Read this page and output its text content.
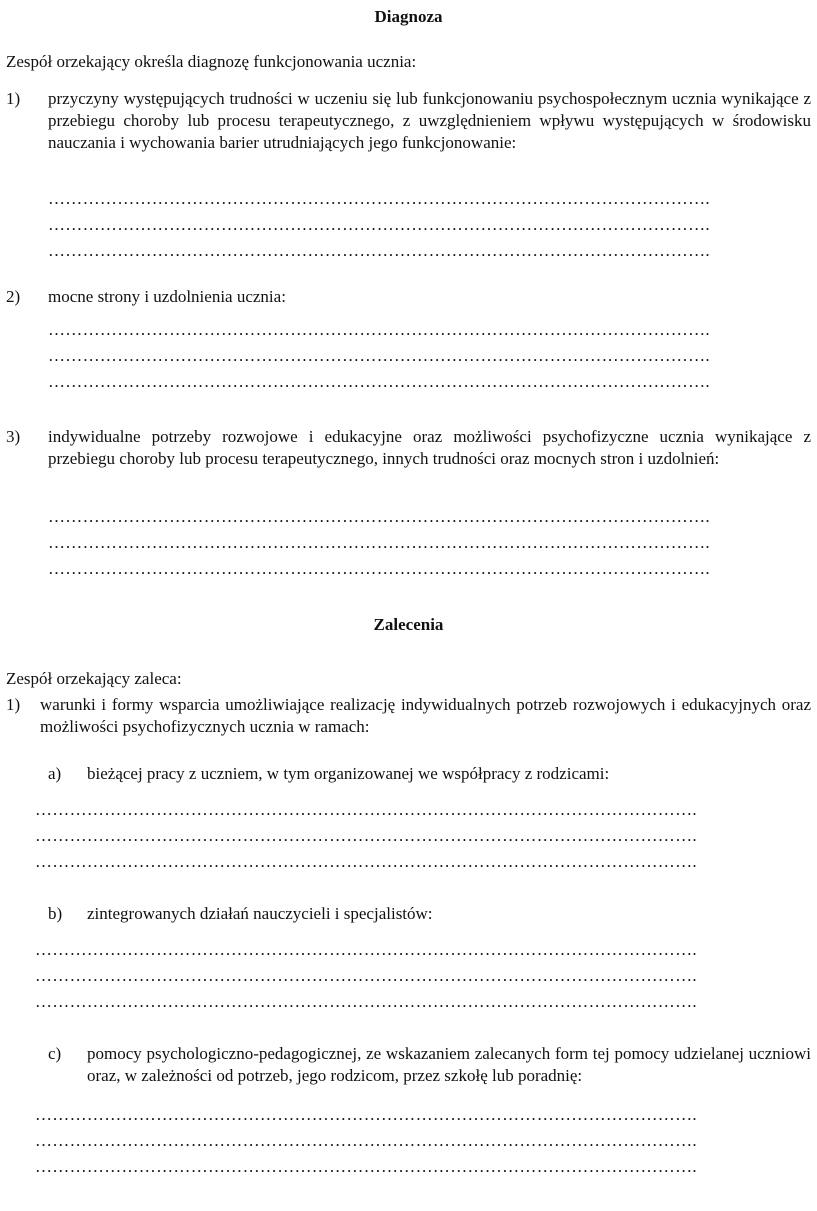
Diagnoza
Zespół orzekający określa diagnozę funkcjonowania ucznia:
1) przyczyny występujących trudności w uczeniu się lub funkcjonowaniu psychospołecznym ucznia wynikające z przebiegu choroby lub procesu terapeutycznego, z uwzględnieniem wpływu występujących w środowisku nauczania i wychowania barier utrudniających jego funkcjonowanie:
…………………………………………………………………………………………………….
…………………………………………………………………………………………………….
…………………………………………………………………………………………………….
2) mocne strony i uzdolnienia ucznia:
…………………………………………………………………………………………………….
…………………………………………………………………………………………………….
…………………………………………………………………………………………………….
3) indywidualne potrzeby rozwojowe i edukacyjne oraz możliwości psychofizyczne ucznia wynikające z przebiegu choroby lub procesu terapeutycznego, innych trudności oraz mocnych stron i uzdolnień:
…………………………………………………………………………………………………….
…………………………………………………………………………………………………….
…………………………………………………………………………………………………….
Zalecenia
Zespół orzekający zaleca:
1) warunki i formy wsparcia umożliwiające realizację indywidualnych potrzeb rozwojowych i edukacyjnych oraz możliwości psychofizycznych ucznia w ramach:
a) bieżącej pracy z uczniem, w tym organizowanej we współpracy z rodzicami:
…………………………………………………………………………………………………….
…………………………………………………………………………………………………….
…………………………………………………………………………………………………….
b) zintegrowanych działań nauczycieli i specjalistów:
…………………………………………………………………………………………………….
…………………………………………………………………………………………………….
…………………………………………………………………………………………………….
c) pomocy psychologiczno-pedagogicznej, ze wskazaniem zalecanych form tej pomocy udzielanej uczniowi oraz, w zależności od potrzeb, jego rodzicom, przez szkołę lub poradnię:
…………………………………………………………………………………………………….
…………………………………………………………………………………………………….
…………………………………………………………………………………………………….
